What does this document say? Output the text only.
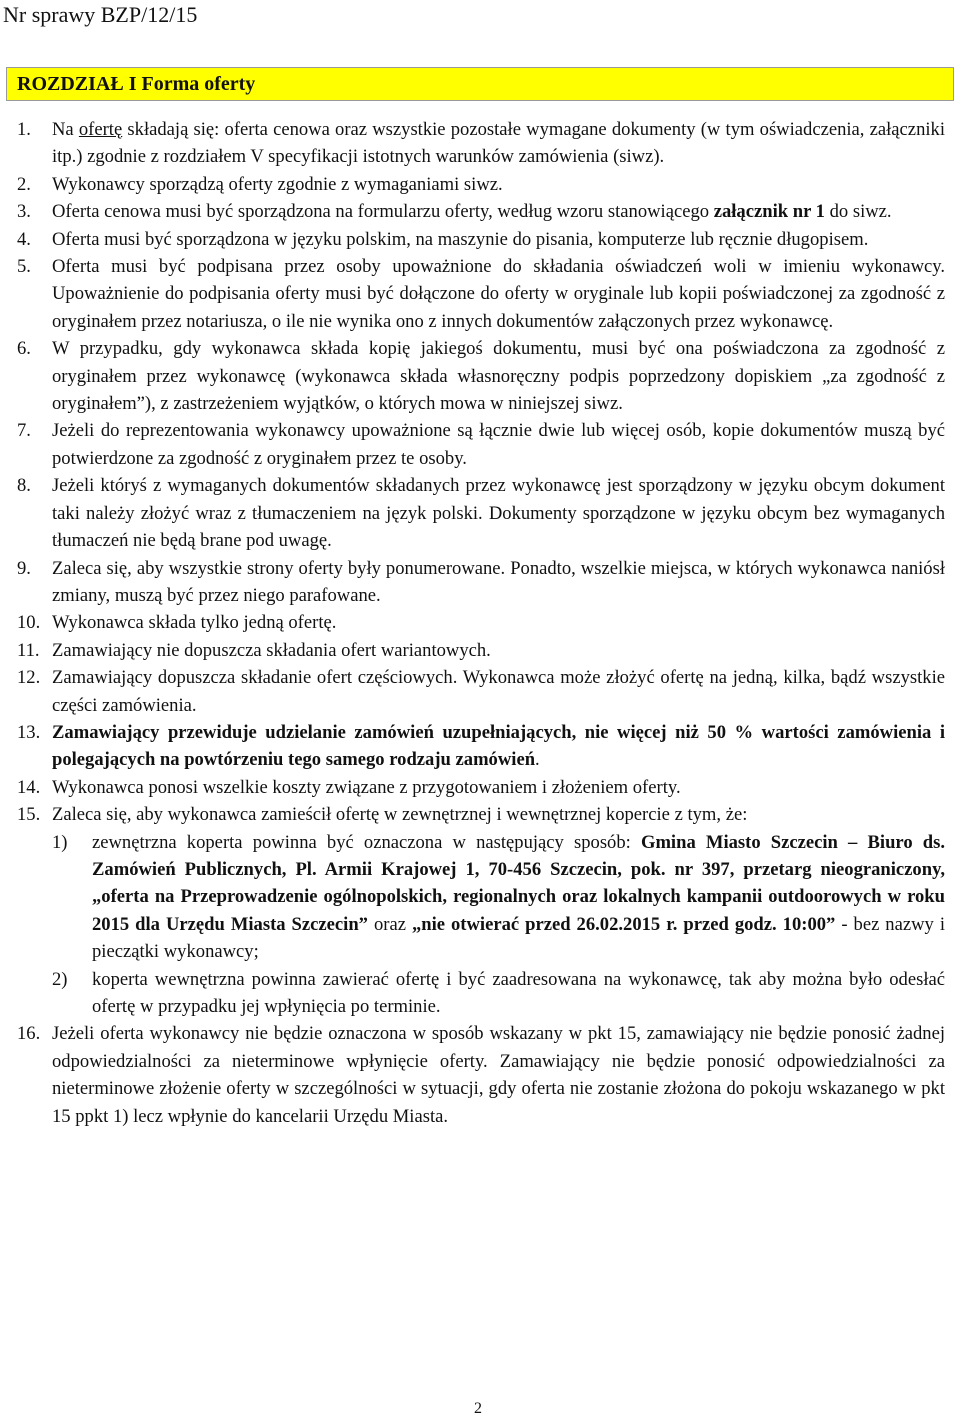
Nr sprawy BZP/12/15
ROZDZIAŁ I Forma oferty
1. Na ofertę składają się: oferta cenowa oraz wszystkie pozostałe wymagane dokumenty (w tym oświadczenia, załączniki itp.) zgodnie z rozdziałem V specyfikacji istotnych warunków zamówienia (siwz).
2. Wykonawcy sporządzą oferty zgodnie z wymaganiami siwz.
3. Oferta cenowa musi być sporządzona na formularzu oferty, według wzoru stanowiącego załącznik nr 1 do siwz.
4. Oferta musi być sporządzona w języku polskim, na maszynie do pisania, komputerze lub ręcznie długopisem.
5. Oferta musi być podpisana przez osoby upoważnione do składania oświadczeń woli w imieniu wykonawcy. Upoważnienie do podpisania oferty musi być dołączone do oferty w oryginale lub kopii poświadczonej za zgodność z oryginałem przez notariusza, o ile nie wynika ono z innych dokumentów załączonych przez wykonawcę.
6. W przypadku, gdy wykonawca składa kopię jakiegoś dokumentu, musi być ona poświadczona za zgodność z oryginałem przez wykonawcę (wykonawca składa własnoręczny podpis poprzedzony dopiskiem „za zgodność z oryginałem”), z zastrzeżeniem wyjątków, o których mowa w niniejszej siwz.
7. Jeżeli do reprezentowania wykonawcy upoważnione są łącznie dwie lub więcej osób, kopie dokumentów muszą być potwierdzone za zgodność z oryginałem przez te osoby.
8. Jeżeli któryś z wymaganych dokumentów składanych przez wykonawcę jest sporządzony w języku obcym dokument taki należy złożyć wraz z tłumaczeniem na język polski. Dokumenty sporządzone w języku obcym bez wymaganych tłumaczeń nie będą brane pod uwagę.
9. Zaleca się, aby wszystkie strony oferty były ponumerowane. Ponadto, wszelkie miejsca, w których wykonawca naniósł zmiany, muszą być przez niego parafowane.
10. Wykonawca składa tylko jedną ofertę.
11. Zamawiający nie dopuszcza składania ofert wariantowych.
12. Zamawiający dopuszcza składanie ofert częściowych. Wykonawca może złożyć ofertę na jedną, kilka, bądź wszystkie części zamówienia.
13. Zamawiający przewiduje udzielanie zamówień uzupełniających, nie więcej niż 50 % wartości zamówienia i polegających na powtórzeniu tego samego rodzaju zamówień.
14. Wykonawca ponosi wszelkie koszty związane z przygotowaniem i złożeniem oferty.
15. Zaleca się, aby wykonawca zamieścił ofertę w zewnętrznej i wewnętrznej kopercie z tym, że:
1) zewnętrzna koperta powinna być oznaczona w następujący sposób: Gmina Miasto Szczecin – Biuro ds. Zamówień Publicznych, Pl. Armii Krajowej 1, 70-456 Szczecin, pok. nr 397, przetarg nieograniczony, „oferta na Przeprowadzenie ogólnopolskich, regionalnych oraz lokalnych kampanii outdoorowych w roku 2015 dla Urzędu Miasta Szczecin” oraz „nie otwierać przed 26.02.2015 r. przed godz. 10:00” - bez nazwy i pieczątki wykonawcy;
2) koperta wewnętrzna powinna zawierać ofertę i być zaadresowana na wykonawcę, tak aby można było odesłać ofertę w przypadku jej wpłynięcia po terminie.
16. Jeżeli oferta wykonawcy nie będzie oznaczona w sposób wskazany w pkt 15, zamawiający nie będzie ponosić żadnej odpowiedzialności za nieterminowe wpłynięcie oferty. Zamawiający nie będzie ponosić odpowiedzialności za nieterminowe złożenie oferty w szczególności w sytuacji, gdy oferta nie zostanie złożona do pokoju wskazanego w pkt 15 ppkt 1) lecz wpłynie do kancelarii Urzędu Miasta.
2
